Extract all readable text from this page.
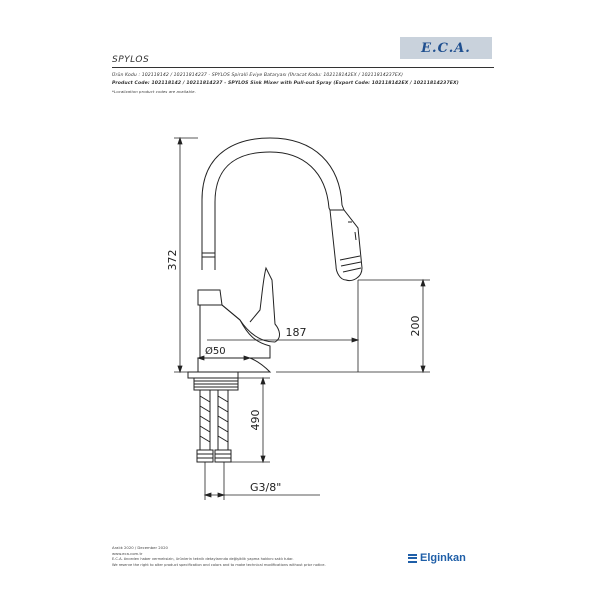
E.C.A.
SPYLOS
Ürün Kodu : 102118142 / 10211814237 - SPYLOS Spiralli Eviye Bataryası (İhracat Kodu: 102118142EX / 10211814237EX)
Product Code: 102118142 / 10211814237 - SPYLOS Sink Mixer with Pull-out Spray (Export Code: 102118142EX / 10211814237EX)
*Localization product codes are available.
372
187	200
Ø50
490
G3/8"
Aralık 2020 / December 2020
www.eca.com.tr
E.C.A. önceden haber vermeksizin, ürünlerin teknik detaylarında değişiklik yapma hakkını saklı tutar.
We reserve the right to alter product specification and colors and to make technical modifications without prior notice.
Elginkan
